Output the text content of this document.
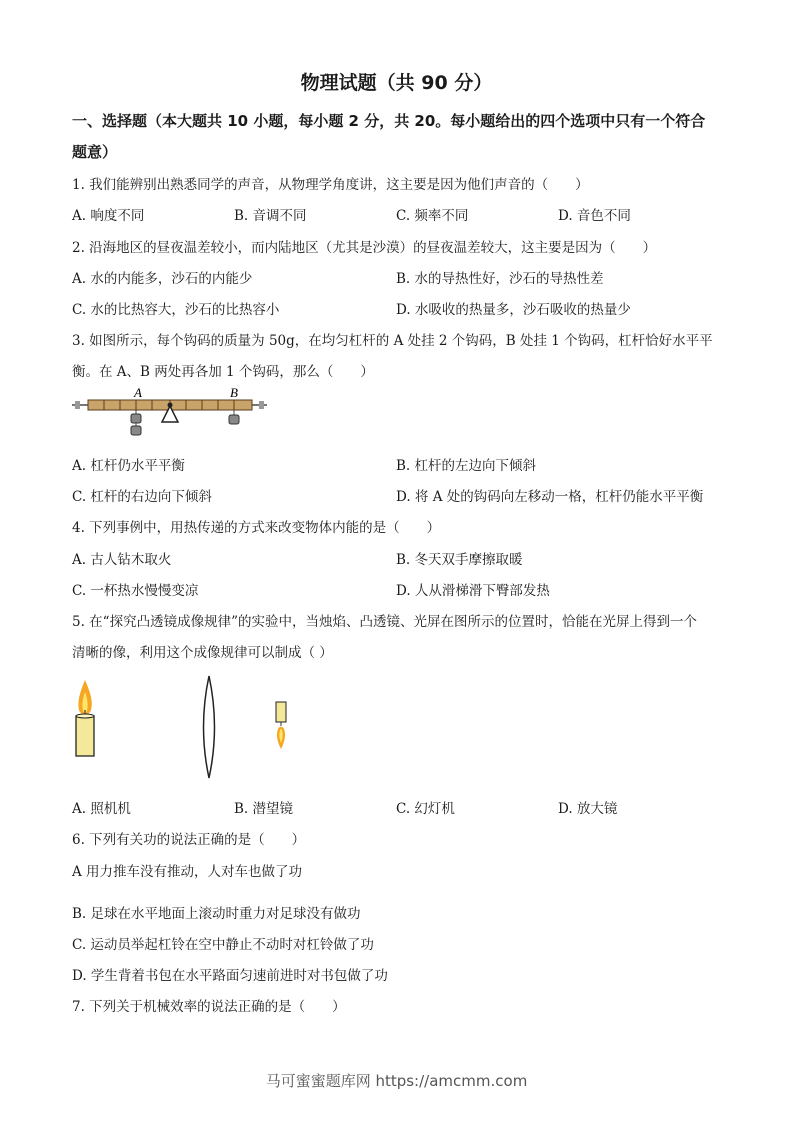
物理试题（共 90 分）
一、选择题（本大题共 10 小题，每小题 2 分，共 20。每小题给出的四个选项中只有一个符合
题意）
1. 我们能辨别出熟悉同学的声音，从物理学角度讲，这主要是因为他们声音的（　　）
A. 响度不同	B. 音调不同	C. 频率不同	D. 音色不同
2. 沿海地区的昼夜温差较小，而内陆地区（尤其是沙漠）的昼夜温差较大，这主要是因为（　　）
A. 水的内能多，沙石的内能少	B. 水的导热性好，沙石的导热性差
C. 水的比热容大，沙石的比热容小	D. 水吸收的热量多，沙石吸收的热量少
3. 如图所示，每个钩码的质量为 50g，在均匀杠杆的 A 处挂 2 个钩码，B 处挂 1 个钩码，杠杆恰好水平平
衡。在 A、B 两处再各加 1 个钩码，那么（　　）
A	B
A. 杠杆仍水平平衡	B. 杠杆的左边向下倾斜
C. 杠杆的右边向下倾斜	D. 将 A 处的钩码向左移动一格，杠杆仍能水平平衡
4. 下列事例中，用热传递的方式来改变物体内能的是（　　）
A. 古人钻木取火	B. 冬天双手摩擦取暖
C. 一杯热水慢慢变凉	D. 人从滑梯滑下臀部发热
5. 在“探究凸透镜成像规律”的实验中，当烛焰、凸透镜、光屏在图所示的位置时，恰能在光屏上得到一个
清晰的像，利用这个成像规律可以制成（ ）
A. 照机机	B. 潜望镜	C. 幻灯机	D. 放大镜
6. 下列有关功的说法正确的是（　　）
A 用力推车没有推动，人对车也做了功
B. 足球在水平地面上滚动时重力对足球没有做功
C. 运动员举起杠铃在空中静止不动时对杠铃做了功
D. 学生背着书包在水平路面匀速前进时对书包做了功
7. 下列关于机械效率的说法正确的是（　　）
马可蜜蜜题库网 https://amcmm.com
